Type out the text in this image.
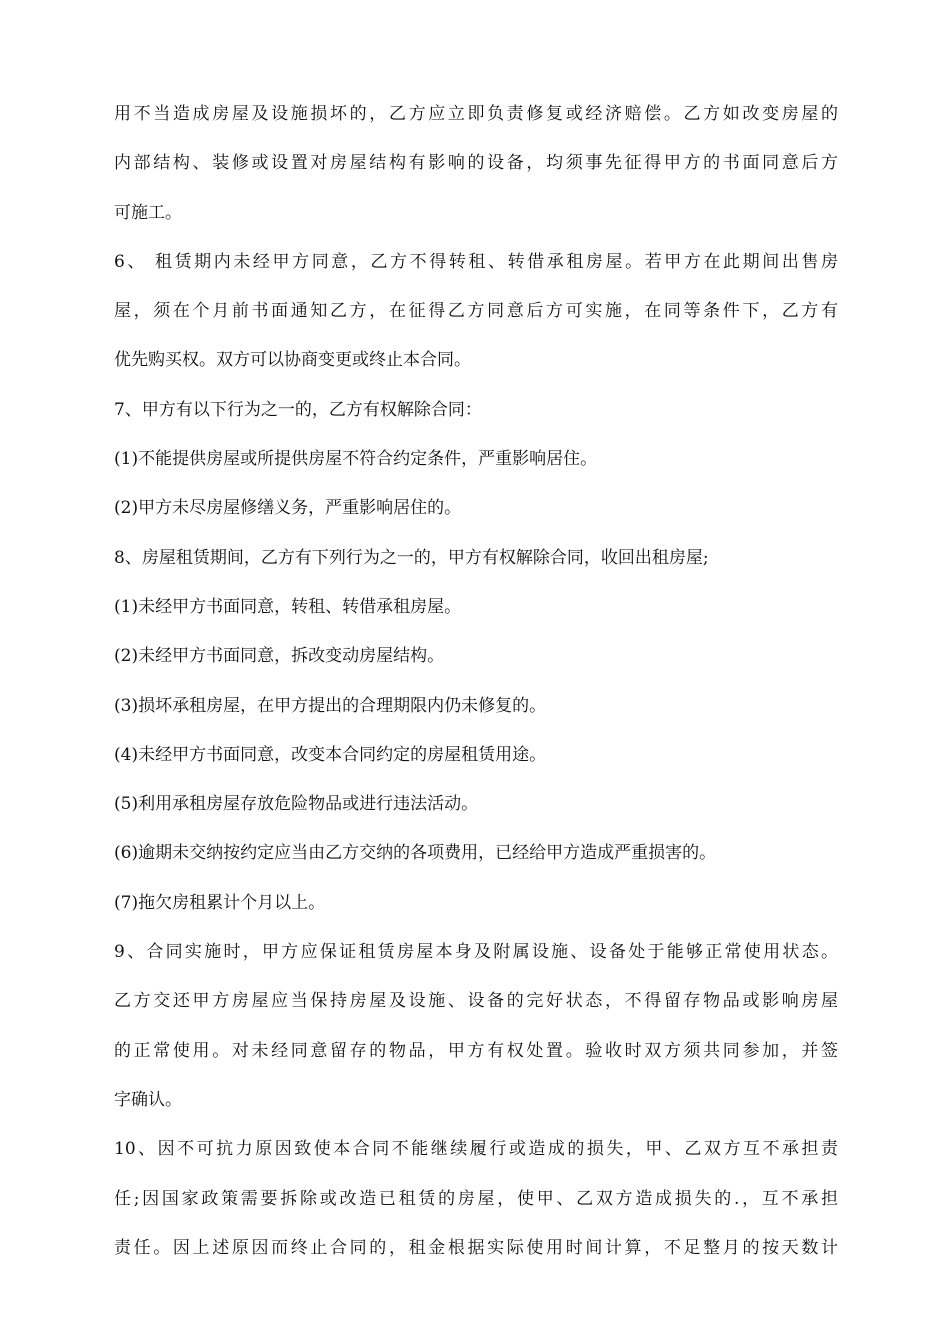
用不当造成房屋及设施损坏的，乙方应立即负责修复或经济赔偿。乙方如改变房屋的
内部结构、装修或设置对房屋结构有影响的设备，均须事先征得甲方的书面同意后方
可施工。
6、 租赁期内未经甲方同意，乙方不得转租、转借承租房屋。若甲方在此期间出售房
屋，须在个月前书面通知乙方，在征得乙方同意后方可实施，在同等条件下，乙方有
优先购买权。双方可以协商变更或终止本合同。
7、甲方有以下行为之一的，乙方有权解除合同：
(1)不能提供房屋或所提供房屋不符合约定条件，严重影响居住。
(2)甲方未尽房屋修缮义务，严重影响居住的。
8、房屋租赁期间，乙方有下列行为之一的，甲方有权解除合同，收回出租房屋;
(1)未经甲方书面同意，转租、转借承租房屋。
(2)未经甲方书面同意，拆改变动房屋结构。
(3)损坏承租房屋，在甲方提出的合理期限内仍未修复的。
(4)未经甲方书面同意，改变本合同约定的房屋租赁用途。
(5)利用承租房屋存放危险物品或进行违法活动。
(6)逾期未交纳按约定应当由乙方交纳的各项费用，已经给甲方造成严重损害的。
(7)拖欠房租累计个月以上。
9、合同实施时，甲方应保证租赁房屋本身及附属设施、设备处于能够正常使用状态。
乙方交还甲方房屋应当保持房屋及设施、设备的完好状态，不得留存物品或影响房屋
的正常使用。对未经同意留存的物品，甲方有权处置。验收时双方须共同参加，并签
字确认。
10、因不可抗力原因致使本合同不能继续履行或造成的损失，甲、乙双方互不承担责
任;因国家政策需要拆除或改造已租赁的房屋，使甲、乙双方造成损失的.，互不承担
责任。因上述原因而终止合同的，租金根据实际使用时间计算，不足整月的按天数计
